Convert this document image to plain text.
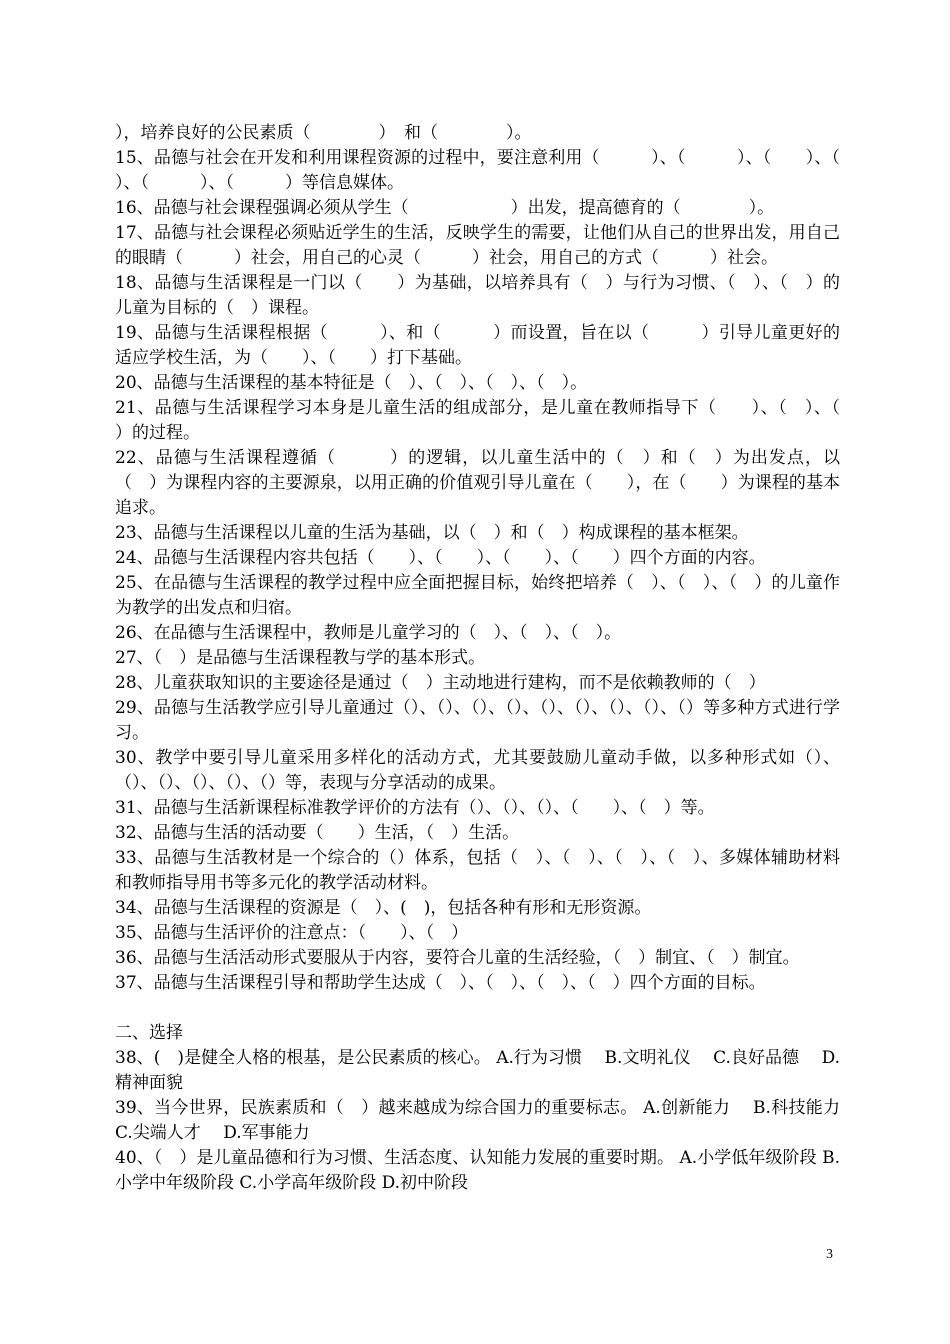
），培养良好的公民素质（　　　　）　和（　　　　）。

15、品德与社会在开发和利用课程资源的过程中，要注意利用（　　　）、（　　　）、（　　）、（　　　）、（　　　）、（　　　）等信息媒体。

16、品德与社会课程强调必须从学生（　　　　　　）出发，提高德育的（　　　　）。

17、品德与社会课程必须贴近学生的生活，反映学生的需要，让他们从自己的世界出发，用自己的眼睛（　　　）社会，用自己的心灵（　　　）社会，用自己的方式（　　　）社会。

18、品德与生活课程是一门以（　　）为基础，以培养具有（　）与行为习惯、（　）、（　）的儿童为目标的（　）课程。

19、品德与生活课程根据（　　　）、和（　　　）而设置，旨在以（　　　）引导儿童更好的适应学校生活，为（　　）、（　　）打下基础。

20、品德与生活课程的基本特征是（　）、（　）、（　）、（　）。

21、品德与生活课程学习本身是儿童生活的组成部分，是儿童在教师指导下（　　）、（　）、（　　）的过程。

22、品德与生活课程遵循（　　　）的逻辑，以儿童生活中的（　）和（　）为出发点，以（　）为课程内容的主要源泉，以用正确的价值观引导儿童在（　　），在（　　）为课程的基本追求。

23、品德与生活课程以儿童的生活为基础，以（　）和（　）构成课程的基本框架。

24、品德与生活课程内容共包括（　　）、（　　）、（　　）、（　　）四个方面的内容。

25、在品德与生活课程的教学过程中应全面把握目标，始终把培养（　）、（　）、（　）的儿童作为教学的出发点和归宿。

26、在品德与生活课程中，教师是儿童学习的（　）、（　）、（　）。

27、（　）是品德与生活课程教与学的基本形式。

28、儿童获取知识的主要途径是通过（　）主动地进行建构，而不是依赖教师的（　）

29、品德与生活教学应引导儿童通过（）、（）、（）、（）、（）、（）、（）、（）、（）等多种方式进行学习。

30、教学中要引导儿童采用多样化的活动方式，尤其要鼓励儿童动手做，以多种形式如（）、（）、（）、（）、（）、（）等，表现与分享活动的成果。

31、品德与生活新课程标准教学评价的方法有（）、（）、（）、（　　）、（　）等。

32、品德与生活的活动要（　　）生活，（　）生活。

33、品德与生活教材是一个综合的（）体系，包括（　）、（　）、（　）、（　）、多媒体辅助材料和教师指导用书等多元化的教学活动材料。

34、品德与生活课程的资源是（　）、(　)，包括各种有形和无形资源。

35、品德与生活评价的注意点：（　　）、（　）

36、品德与生活活动形式要服从于内容，要符合儿童的生活经验，（　）制宜、（　）制宜。

37、品德与生活课程引导和帮助学生达成（　）、（　）、（　）、（　）四个方面的目标。

二、选择

38、(　)是健全人格的根基，是公民素质的核心。 A.行为习惯　 B.文明礼仪　 C.良好品德　 D.精神面貌

39、当今世界，民族素质和（　）越来越成为综合国力的重要标志。 A.创新能力　 B.科技能力　 C.尖端人才　 D.军事能力

40、（　）是儿童品德和行为习惯、生活态度、认知能力发展的重要时期。 A.小学低年级阶段 B.小学中年级阶段 C.小学高年级阶段 D.初中阶段

3
